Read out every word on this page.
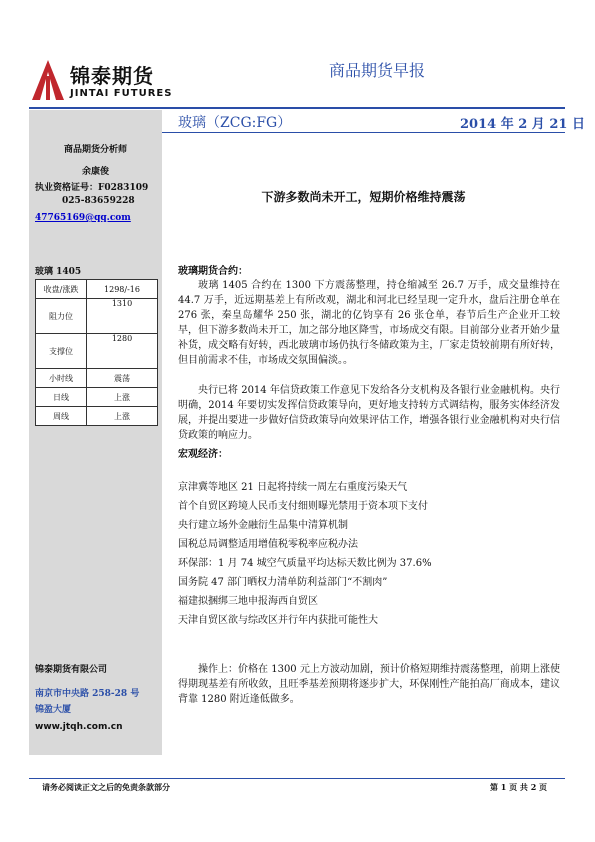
锦泰期货
JINTAI FUTURES
商品期货早报
商品期货分析师
余康俊
执业资格证号：F0283109
025-83659228
47765169@qq.com
玻璃 1405
收盘/涨跌	1298/-16
阻力位	1310
支撑位	1280
小时线	震荡
日线	上涨
周线	上涨
锦泰期货有限公司
南京市中央路 258-28 号
锦盈大厦
www.jtqh.com.cn
玻璃（ZCG:FG）	2014 年 2 月 21 日
下游多数尚未开工，短期价格维持震荡
玻璃期货合约：
玻璃 1405 合约在 1300 下方震荡整理，持仓缩减至 26.7 万手，成交量维持在 44.7 万手，近远期基差上有所改观，湖北和河北已经呈现一定升水，盘后注册仓单在 276 张，秦皇岛耀华 250 张，湖北的亿钧享有 26 张仓单，春节后生产企业开工较早，但下游多数尚未开工，加之部分地区降雪，市场成交有限。目前部分业者开始少量补货，成交略有好转，西北玻璃市场仍执行冬储政策为主，厂家走货较前期有所好转，但目前需求不佳，市场成交氛围偏淡。。
央行已将 2014 年信贷政策工作意见下发给各分支机构及各银行业金融机构。央行明确，2014 年要切实发挥信贷政策导向，更好地支持转方式调结构，服务实体经济发展，并提出要进一步做好信贷政策导向效果评估工作，增强各银行业金融机构对央行信贷政策的响应力。
宏观经济：
京津冀等地区 21 日起将持续一周左右重度污染天气
首个自贸区跨境人民币支付细则曝光禁用于资本项下支付
央行建立场外金融衍生品集中清算机制
国税总局调整适用增值税零税率应税办法
环保部：1 月 74 城空气质量平均达标天数比例为 37.6%
国务院 47 部门晒权力清单防利益部门“不割肉”
福建拟捆绑三地申报海西自贸区
天津自贸区欲与综改区并行年内获批可能性大
操作上：价格在 1300 元上方波动加剧，预计价格短期维持震荡整理，前期上涨使得期现基差有所收敛，且旺季基差预期将逐步扩大，环保刚性产能拍高厂商成本，建议背靠 1280 附近逢低做多。
请务必阅读正文之后的免责条款部分	第 1 页 共 2 页
